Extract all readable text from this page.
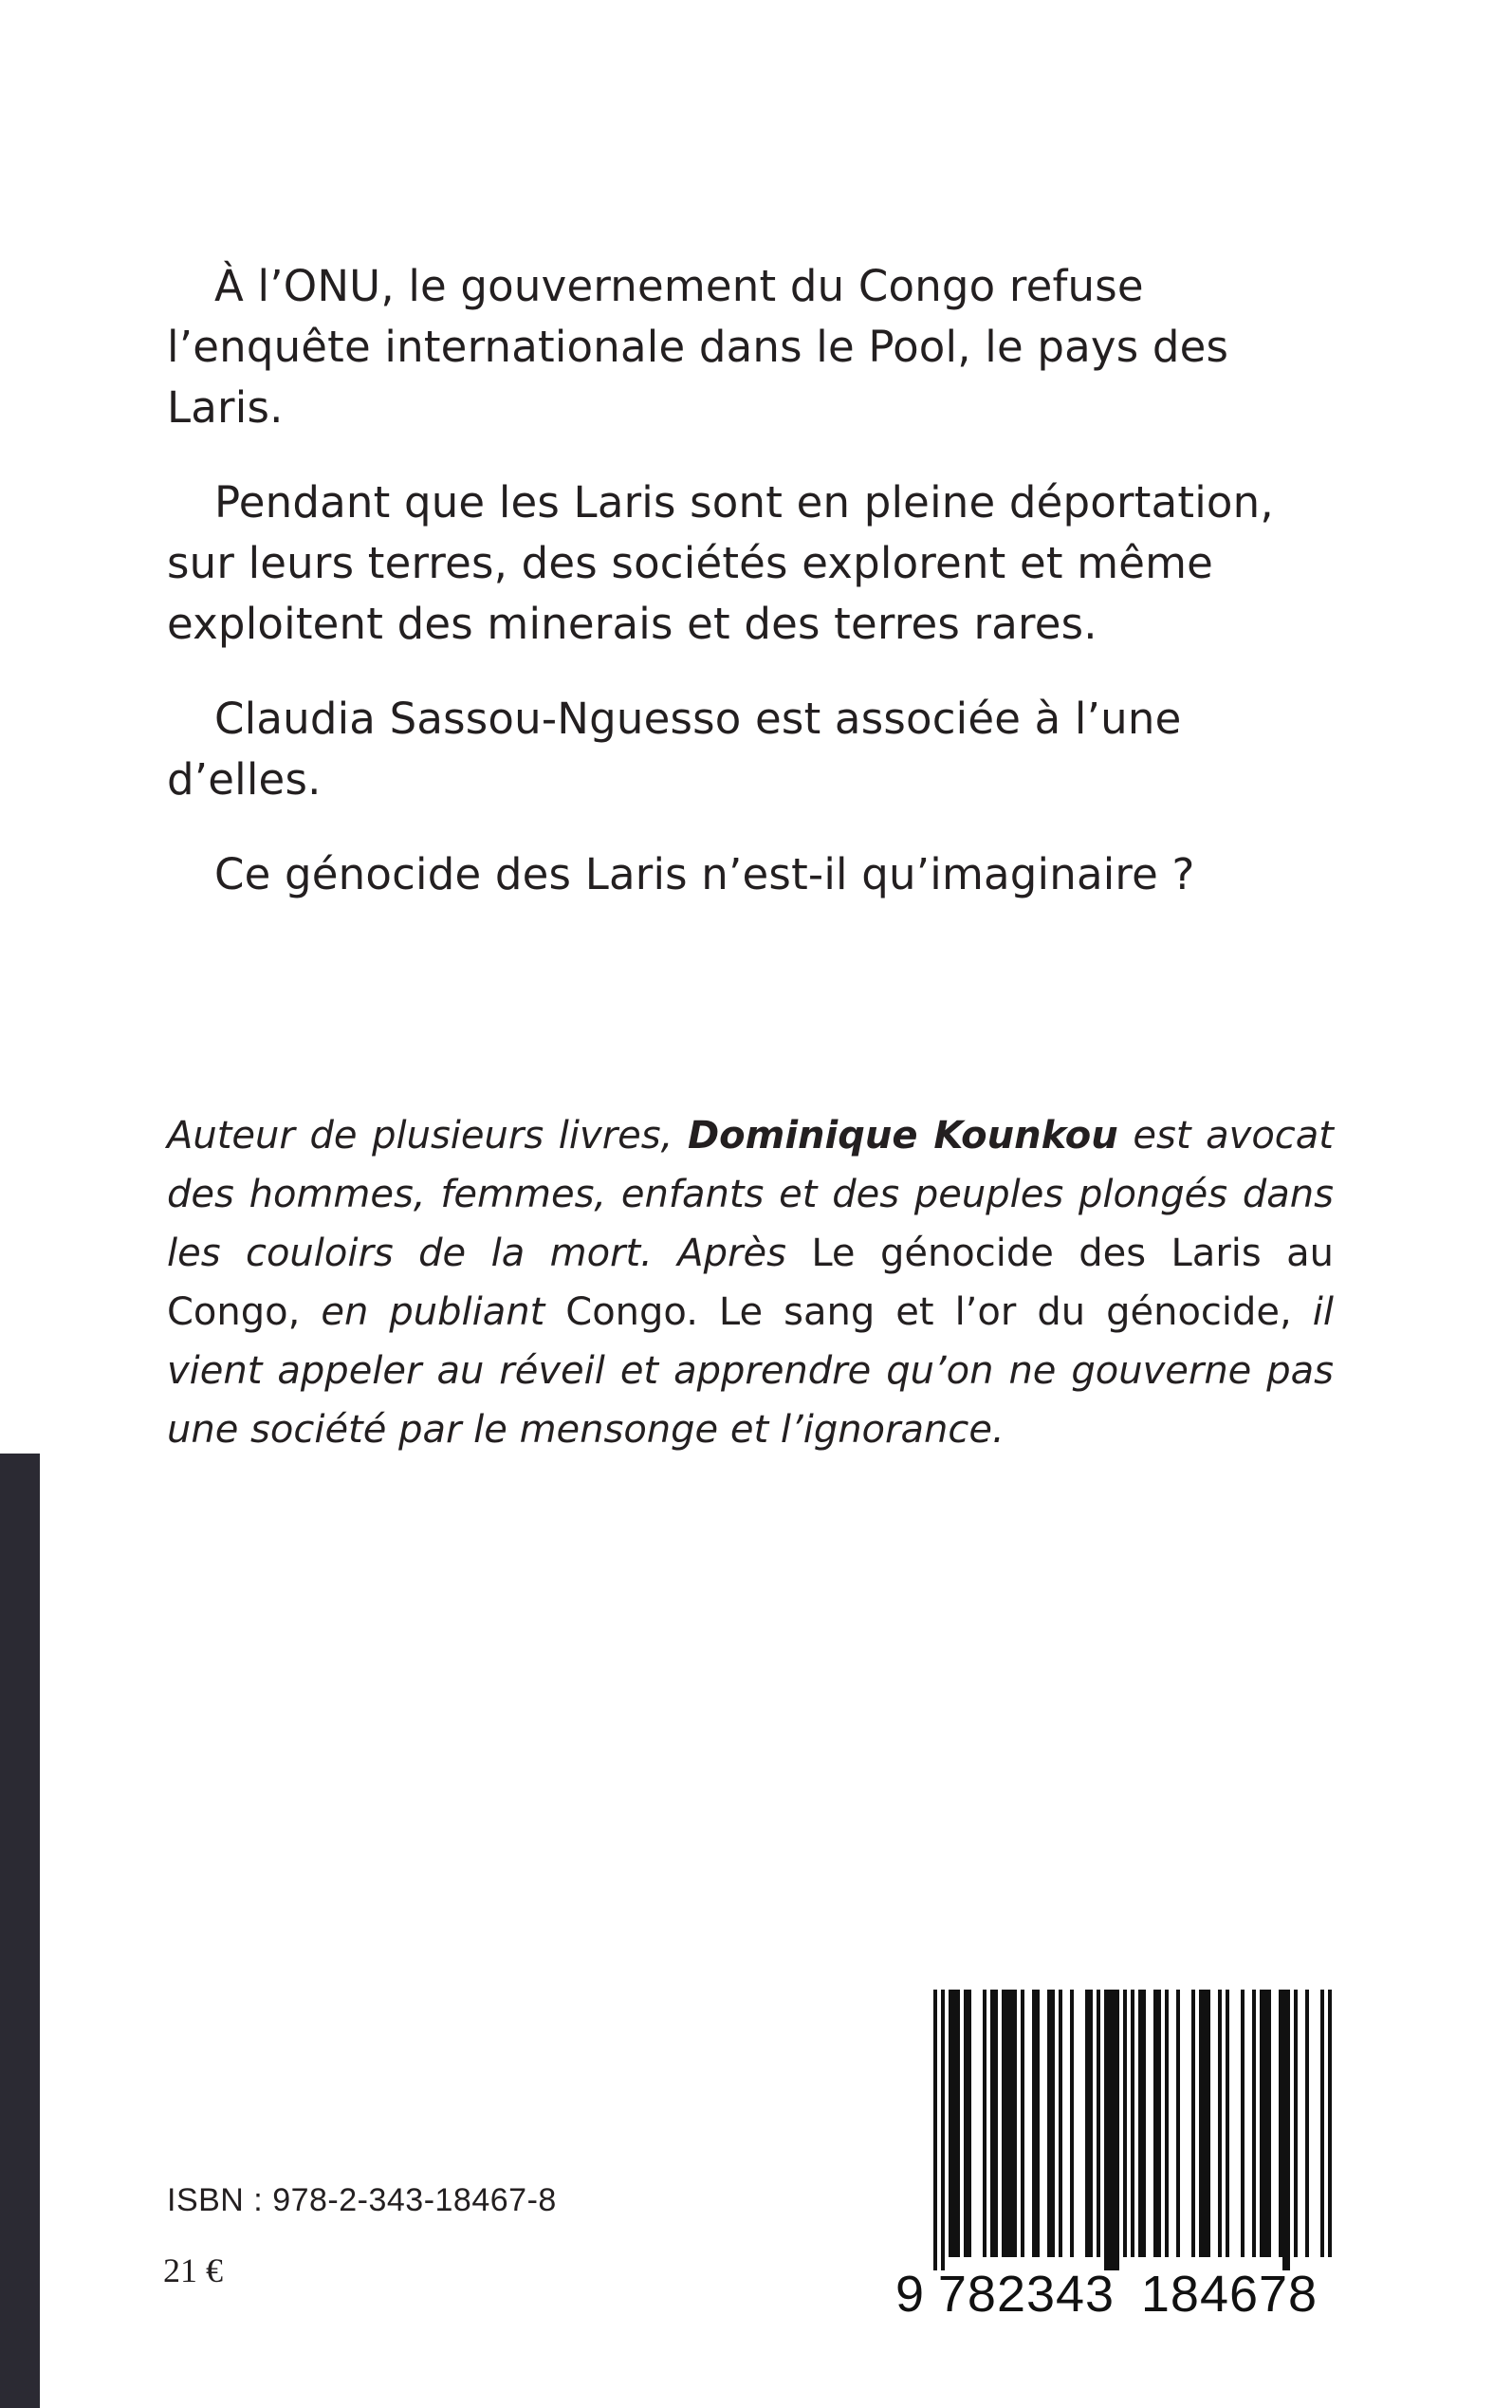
À l’ONU, le gouvernement du Congo refuse l’enquête internationale dans le Pool, le pays des Laris.

Pendant que les Laris sont en pleine déportation, sur leurs terres, des sociétés explorent et même exploitent des minerais et des terres rares.

Claudia Sassou-Nguesso est associée à l’une d’elles.

Ce génocide des Laris n’est-il qu’imaginaire ?

Auteur de plusieurs livres, Dominique Kounkou est avocat des hommes, femmes, enfants et des peuples plongés dans les couloirs de la mort. Après Le génocide des Laris au Congo, en publiant Congo. Le sang et l’or du génocide, il vient appeler au réveil et apprendre qu’on ne gouverne pas une société par le mensonge et l’ignorance.
ISBN : 978-2-343-18467-8
21 €	9 782343 184678
